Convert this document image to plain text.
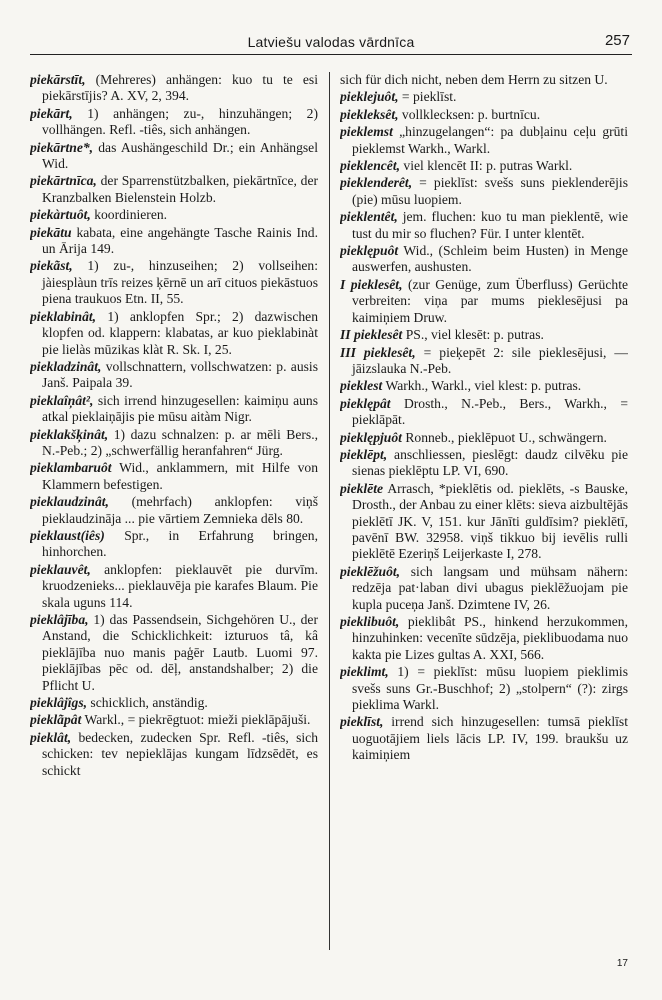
Latviešu valodas vārdnīca	257

piekārstīt, (Mehreres) anhängen: kuo tu te esi piekārstījis? A. XV, 2, 394.

piekārt, 1) anhängen; zu-, hinzuhängen; 2) vollhängen. Refl. -tiês, sich anhängen.

piekārtne*, das Aushängeschild Dr.; ein Anhängsel Wid.

piekārtnīca, der Sparrenstützbalken, piekārtnīce, der Kranzbalken Bielenstein Holzb.

piekàrtuôt, koordinieren.

piekātu kabata, eine angehängte Tasche Rainis Ind. un Ārija 149.

piekãst, 1) zu-, hinzuseihen; 2) vollseihen: jàiesplàun trīs reizes ķērnē un arī cituos piekāstuos piena traukuos Etn. II, 55.

pieklabinât, 1) anklopfen Spr.; 2) dazwischen klopfen od. klappern: klabatas, ar kuo pieklabinàt pie lielàs mūzikas klàt R. Sk. I, 25.

piekladzinât, vollschnattern, vollschwatzen: p. ausis Janš. Paipala 39.

pieklaîņât², sich irrend hinzugesellen: kaimiņu auns atkal pieklaiņājis pie mūsu aitàm Nigr.

pieklakšķinât, 1) dazu schnalzen: p. ar mēli Bers., N.-Peb.; 2) „schwerfällig heranfahren“ Jürg.

pieklambaruôt Wid., anklammern, mit Hilfe von Klammern befestigen.

pieklaudzinât, (mehrfach) anklopfen: viņš pieklaudzināja ... pie vārtiem Zemnieka dēls 80.

pieklaust(iês) Spr., in Erfahrung bringen, hinhorchen.

pieklauvêt, anklopfen: pieklauvēt pie durvīm. kruodzenieks... pieklauvēja pie karafes Blaum. Pie skala uguns 114.

pieklâjība, 1) das Passendsein, Sichgehören U., der Anstand, die Schicklichkeit: izturuos tâ, kâ pieklājība nuo manis paģēr Lautb. Luomi 97. pieklājības pēc od. dēļ, anstandshalber; 2) die Pflicht U.

pieklâjîgs, schicklich, anständig.

pieklãpât Warkl., = piekrēgtuot: mieži pieklāpājuši.

pieklât, bedecken, zudecken Spr. Refl. -tiês, sich schicken: tev nepieklājas kungam līdzsēdēt, es schickt

sich für dich nicht, neben dem Herrn zu sitzen U.

pieklejuôt, = pieklīst.

piekleksêt, vollklecksen: p. burtnīcu.

pieklemst „hinzugelangen“: pa dubļainu ceļu grūti pieklemst Warkh., Warkl.

pieklencêt, viel klencēt II: p. putras Warkl.

pieklenderêt, = pieklīst: svešs suns pieklenderējis (pie) mūsu luopiem.

pieklentêt, jem. fluchen: kuo tu man pieklentē, wie tust du mir so fluchen? Für. I unter klentēt.

pieklępuôt Wid., (Schleim beim Husten) in Menge auswerfen, aushusten.

I pieklesêt, (zur Genüge, zum Überfluss) Gerüchte verbreiten: viņa par mums pieklesējusi pa kaimiņiem Druw.

II pieklesêt PS., viel klesēt: p. putras.

III pieklesêt, = pieķepēt 2: sile pieklesējusi, — jāizslauka N.-Peb.

pieklest Warkh., Warkl., viel klest: p. putras.

pieklępât Drosth., N.-Peb., Bers., Warkh., = pieklāpāt.

pieklępjuôt Ronneb., pieklēpuot U., schwängern.

pieklēpt, anschliessen, pieslēgt: daudz cilvēku pie sienas pieklēptu LP. VI, 690.

pieklēte Arrasch, *pieklētis od. pieklēts, -s Bauske, Drosth., der Anbau zu einer klēts: sieva aizbultējās pieklētī JK. V, 151. kur Jānīti guldīsim? pieklētī, pavēnī BW. 32958. viņš tikkuo bij ievēlis rulli pieklētē Ezeriņš Leijerkaste I, 278.

pieklēžuôt, sich langsam und mühsam nähern: redzēja pat·laban divi ubagus pieklēžuojam pie kupla puceņa Janš. Dzimtene IV, 26.

pieklibuôt, pieklibât PS., hinkend herzukommen, hinzuhinken: vecenīte sūdzēja, pieklibuodama nuo kakta pie Lizes gultas A. XXI, 566.

pieklimt, 1) = pieklīst: mūsu luopiem pieklimis svešs suns Gr.-Buschhof; 2) „stolpern“ (?): zirgs pieklima Warkl.

pieklīst, irrend sich hinzugesellen: tumsā pieklīst uoguotājiem liels lācis LP. IV, 199. braukšu uz kaimiņiem

17
